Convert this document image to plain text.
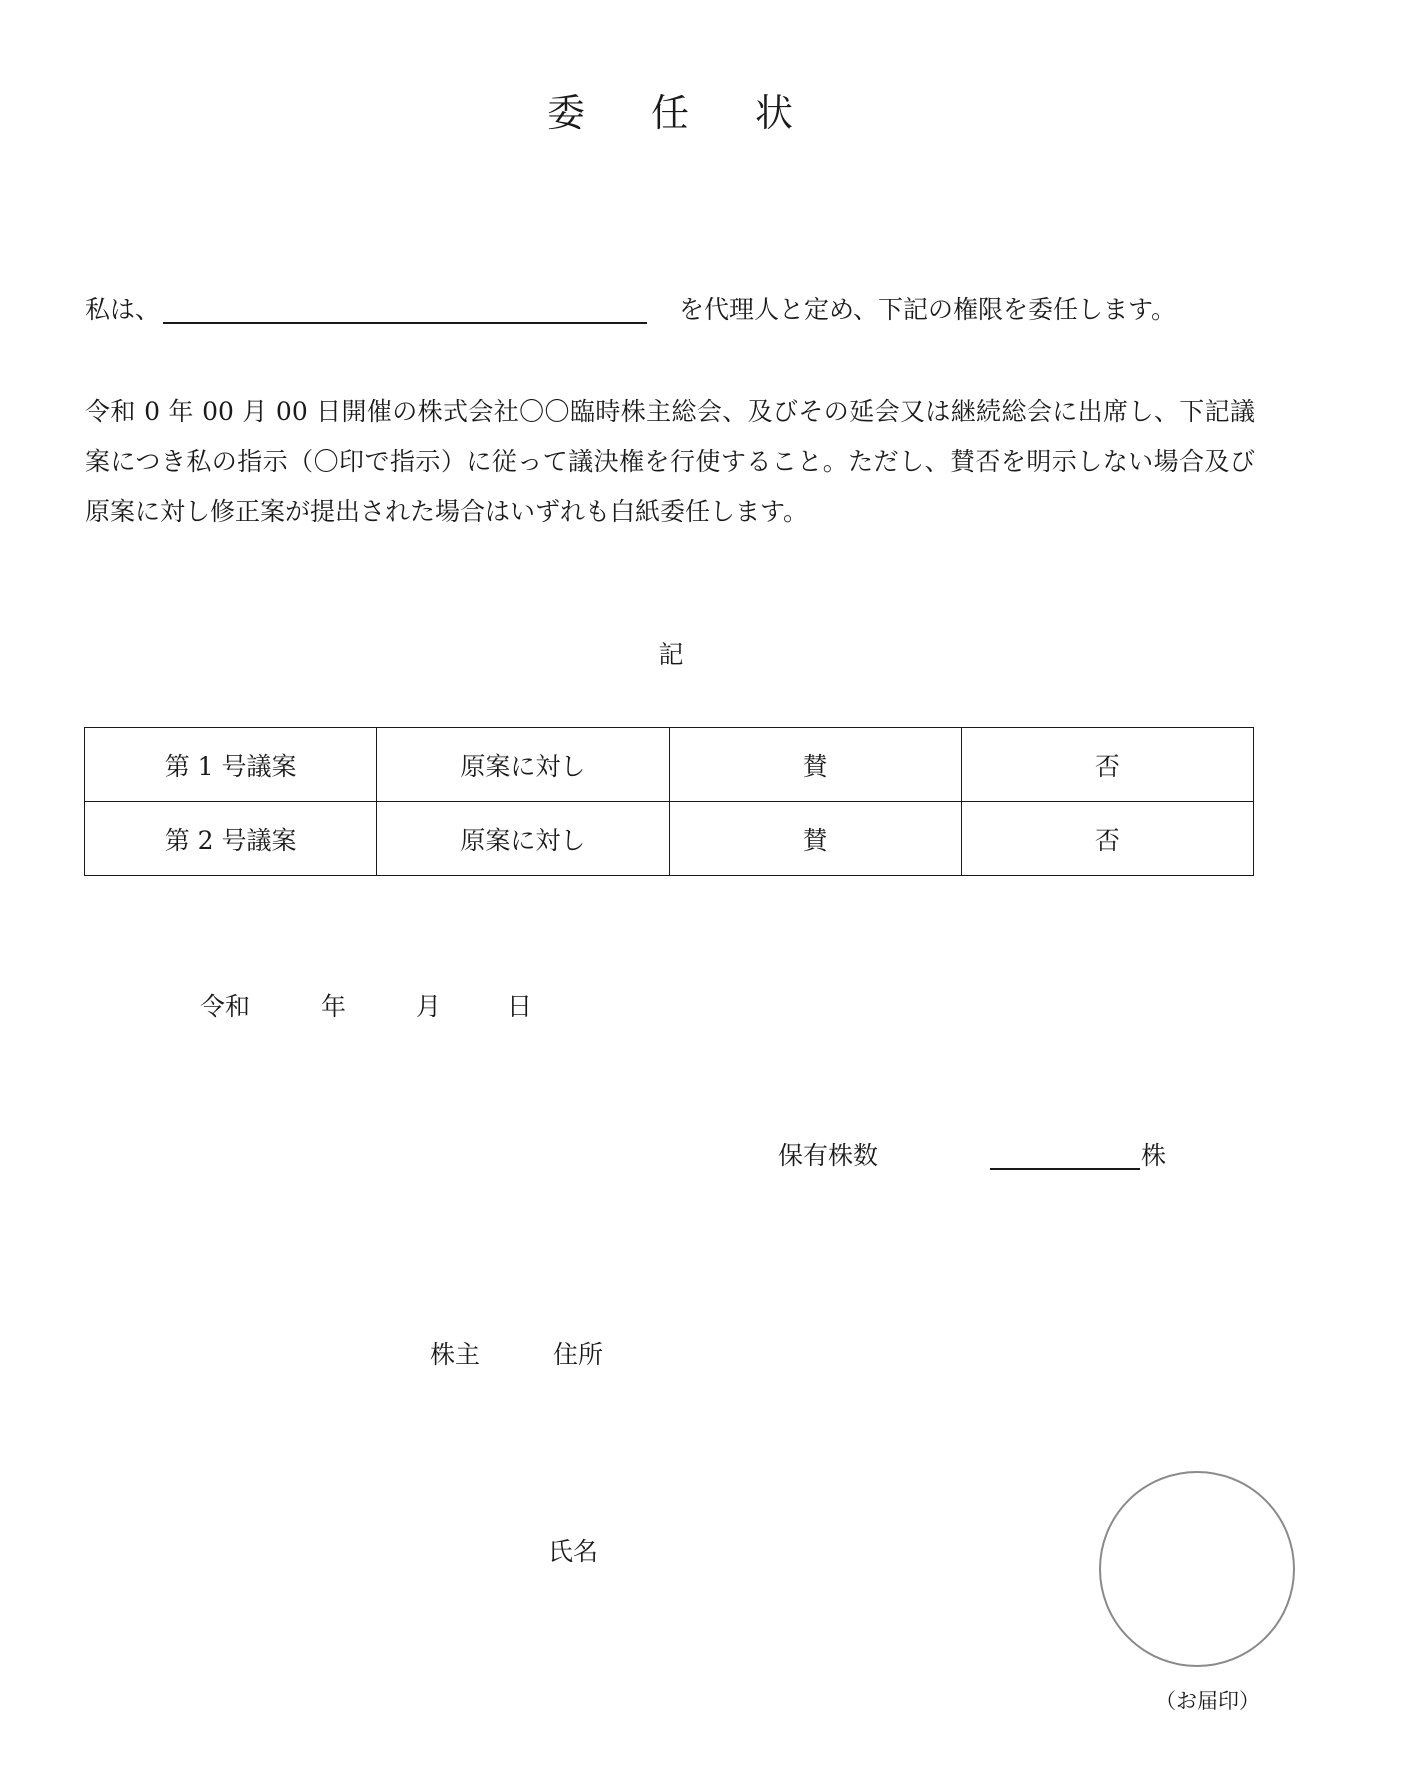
委 任 状
私は、	を代理人と定め、下記の権限を委任します。
令和 0 年 00 月 00 日開催の株式会社〇〇臨時株主総会、及びその延会又は継続総会に出席し、下記議案につき私の指示（〇印で指示）に従って議決権を行使すること。ただし、賛否を明示しない場合及び原案に対し修正案が提出された場合はいずれも白紙委任します。
記
第 1 号議案	原案に対し	賛	否
第 2 号議案	原案に対し	賛	否
令和	年	月	日
保有株数	株
株主	住所
氏名
（お届印）
